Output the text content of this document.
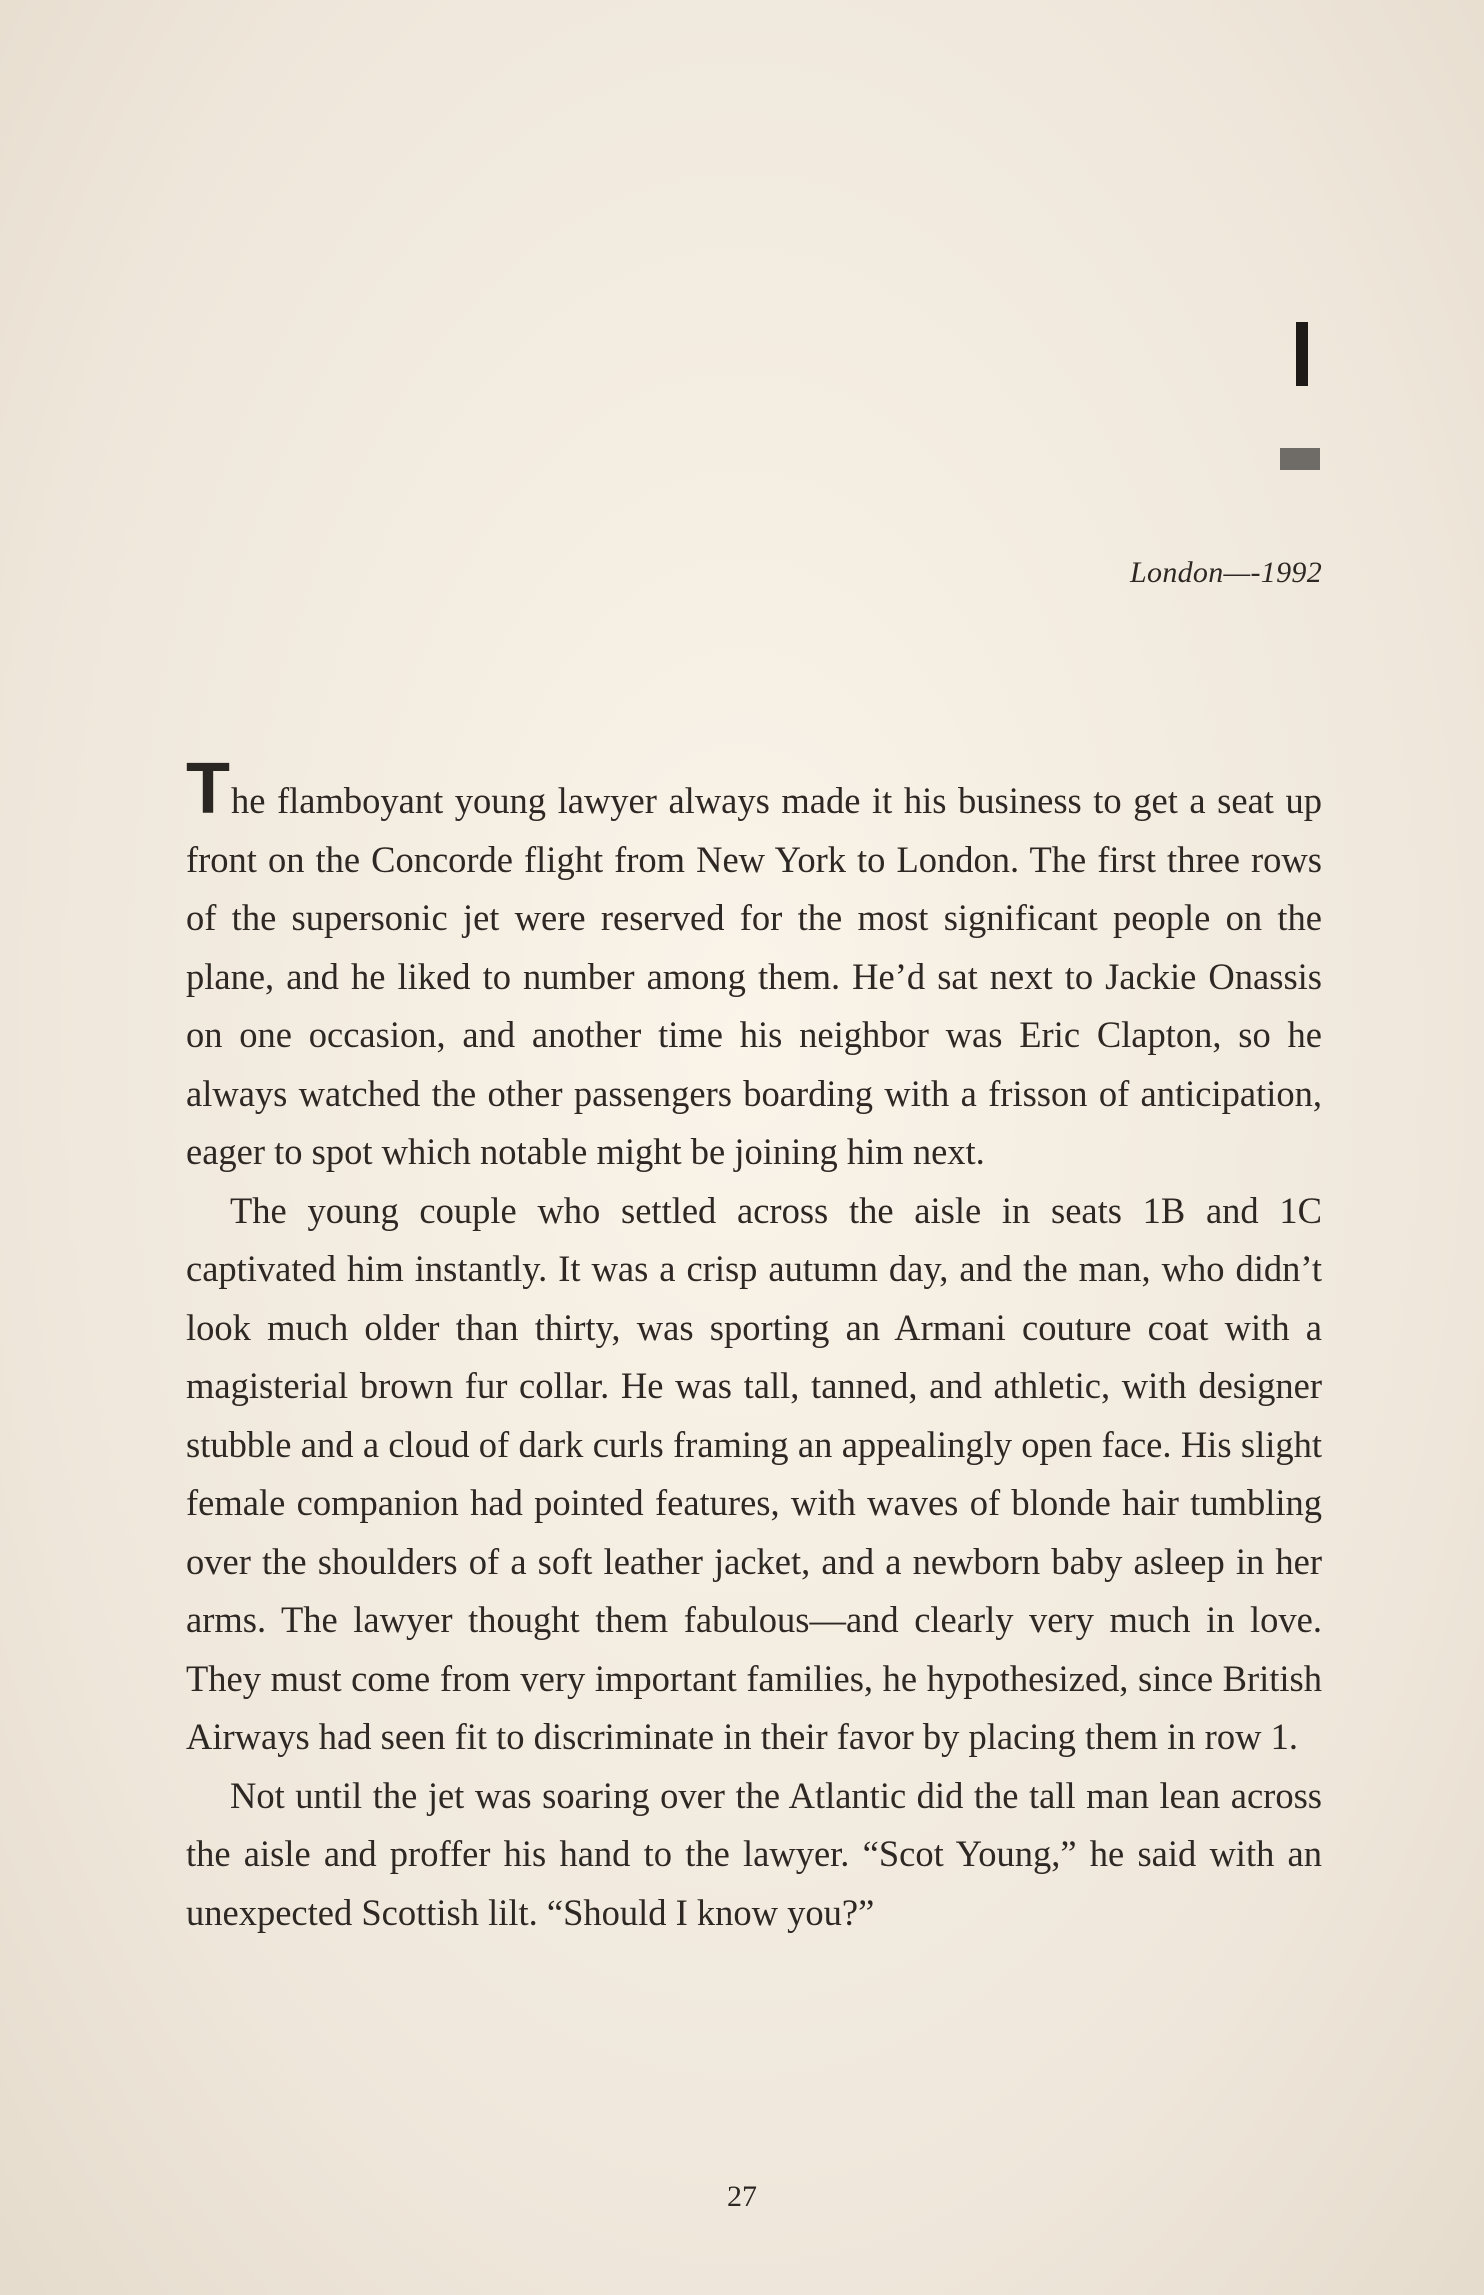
London—-1992

The flamboyant young lawyer always made it his business to get a seat up front on the Concorde flight from New York to London. The first three rows of the supersonic jet were reserved for the most significant people on the plane, and he liked to number among them. He’d sat next to Jackie Onassis on one occasion, and another time his neighbor was Eric Clapton, so he always watched the other passengers boarding with a frisson of anticipation, eager to spot which notable might be joining him next.

The young couple who settled across the aisle in seats 1B and 1C captivated him instantly. It was a crisp autumn day, and the man, who didn’t look much older than thirty, was sporting an Armani couture coat with a magisterial brown fur collar. He was tall, tanned, and athletic, with designer stubble and a cloud of dark curls framing an appealingly open face. His slight female companion had pointed features, with waves of blonde hair tumbling over the shoulders of a soft leather jacket, and a newborn baby asleep in her arms. The lawyer thought them fabulous—and clearly very much in love. They must come from very important families, he hypothesized, since British Airways had seen fit to discriminate in their favor by placing them in row 1.

Not until the jet was soaring over the Atlantic did the tall man lean across the aisle and proffer his hand to the lawyer. “Scot Young,” he said with an unexpected Scottish lilt. “Should I know you?”

27
